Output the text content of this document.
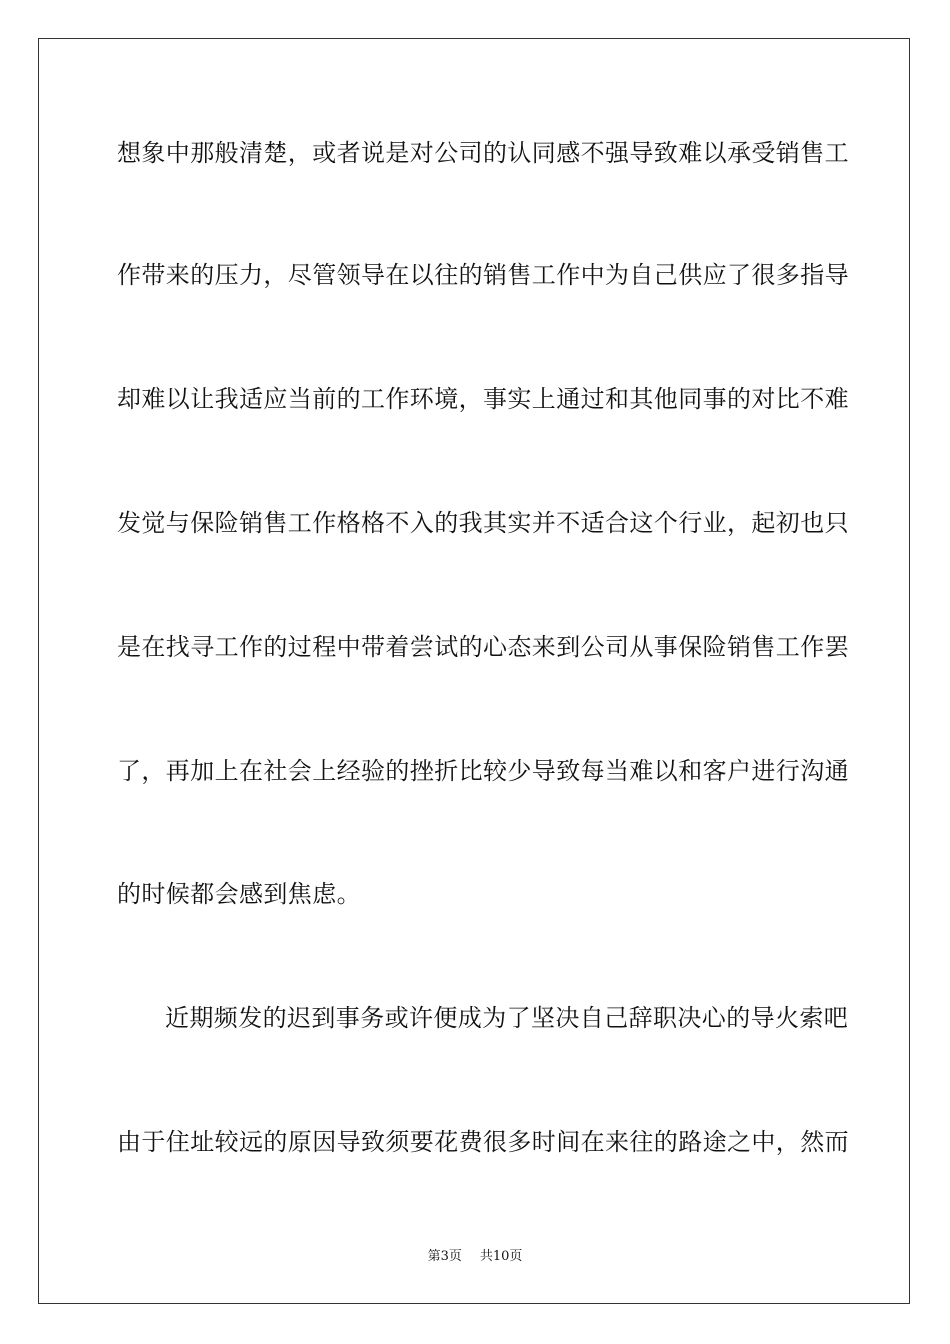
想象中那般清楚，或者说是对公司的认同感不强导致难以承受销售工
作带来的压力，尽管领导在以往的销售工作中为自己供应了很多指导
却难以让我适应当前的工作环境，事实上通过和其他同事的对比不难
发觉与保险销售工作格格不入的我其实并不适合这个行业，起初也只
是在找寻工作的过程中带着尝试的心态来到公司从事保险销售工作罢
了，再加上在社会上经验的挫折比较少导致每当难以和客户进行沟通
的时候都会感到焦虑。
近期频发的迟到事务或许便成为了坚决自己辞职决心的导火索吧
由于住址较远的原因导致须要花费很多时间在来往的路途之中，然而
第3页 共10页
